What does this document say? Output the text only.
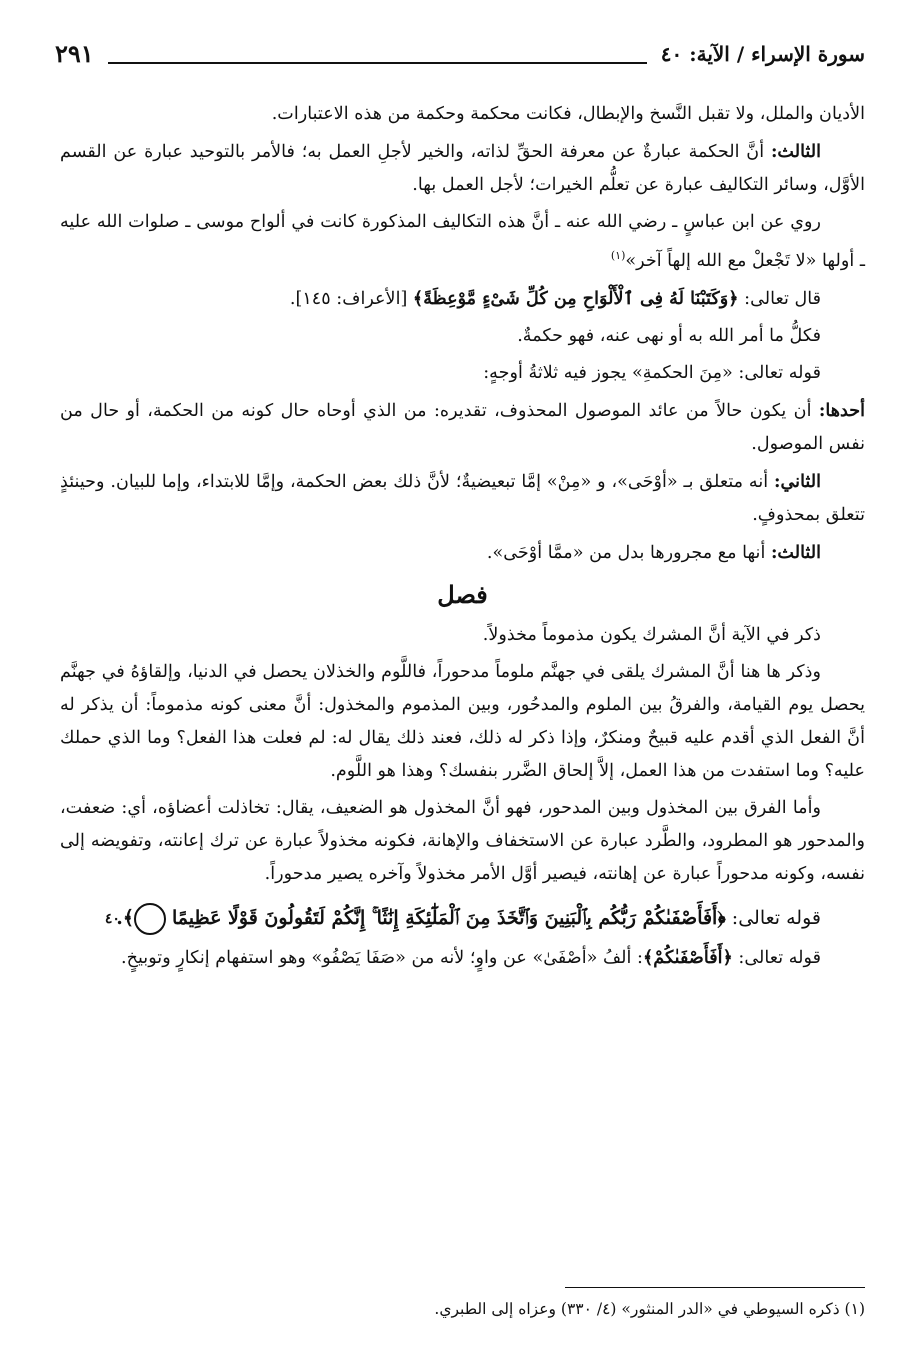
سورة الإسراء / الآية: ٤٠
٢٩١

الأديان والملل، ولا تقبل النَّسخ والإبطال، فكانت محكمة وحكمة من هذه الاعتبارات.

الثالث: أنَّ الحكمة عبارةٌ عن معرفة الحقِّ لذاته، والخير لأجلِ العمل به؛ فالأمر بالتوحيد عبارة عن القسم الأوَّل، وسائر التكاليف عبارة عن تعلُّم الخيرات؛ لأجل العمل بها.

روي عن ابن عباسٍ ـ رضي الله عنه ـ أنَّ هذه التكاليف المذكورة كانت في ألواح موسى ـ صلوات الله عليه ـ أولها «لا تَجْعلْ مع الله إلهاً آخر»$^{(١)}$

قال تعالى: ﴿وَكَتَبْنَا لَهُ فِى ٱلْأَلْوَاحِ مِن كُلِّ شَىْءٍ مَّوْعِظَةً﴾ [الأعراف: ١٤٥].

فكلُّ ما أمر الله به أو نهى عنه، فهو حكمةٌ.

قوله تعالى: «مِنَ الحكمةِ» يجوز فيه ثلاثةُ أوجهٍ:

أحدها: أن يكون حالاً من عائد الموصول المحذوف، تقديره: من الذي أوحاه حال كونه من الحكمة، أو حال من نفس الموصول.

الثاني: أنه متعلق بـ «أوْحَى»، و «مِنْ» إمَّا تبعيضيةٌ؛ لأنَّ ذلك بعض الحكمة، وإمَّا للابتداء، وإما للبيان. وحينئذٍ تتعلق بمحذوفٍ.

الثالث: أنها مع مجرورها بدل من «ممَّا أوْحَى».

فصل

ذكر في الآية أنَّ المشرك يكون مذموماً مخذولاً.

وذكر ها هنا أنَّ المشرك يلقى في جهنَّم ملوماً مدحوراً، فاللَّوم والخذلان يحصل في الدنيا، وإلقاؤهُ في جهنَّم يحصل يوم القيامة، والفرقُ بين الملوم والمدحُور، وبين المذموم والمخذول: أنَّ معنى كونه مذموماً: أن يذكر له أنَّ الفعل الذي أقدم عليه قبيحٌ ومنكرٌ، وإذا ذكر له ذلك، فعند ذلك يقال له: لم فعلت هذا الفعل؟ وما الذي حملك عليه؟ وما استفدت من هذا العمل، إلاَّ إلحاق الضَّرر بنفسك؟ وهذا هو اللَّوم.

وأما الفرق بين المخذول وبين المدحور، فهو أنَّ المخذول هو الضعيف، يقال: تخاذلت أعضاؤه، أي: ضعفت، والمدحور هو المطرود، والطَّرد عبارة عن الاستخفاف والإهانة، فكونه مخذولاً عبارة عن ترك إعانته، وتفويضه إلى نفسه، وكونه مدحوراً عبارة عن إهانته، فيصير أوَّل الأمر مخذولاً وآخره يصير مدحوراً.

قوله تعالى: ﴿أَفَأَصْفَىٰكُمْ رَبُّكُم بِٱلْبَنِينَ وَٱتَّخَذَ مِنَ ٱلْمَلَٰٓئِكَةِ إِنَٰثًا ۚ إِنَّكُمْ لَتَقُولُونَ قَوْلًا عَظِيمًا ٤٠﴾.

قوله تعالى: ﴿أَفَأَصْفَىٰكُمْ﴾: ألفُ «أصْفَىٰ» عن واوٍ؛ لأنه من «صَفَا يَصْفُو» وهو استفهام إنكارٍ وتوبيخٍ.

(١) ذكره السيوطي في «الدر المنثور» (٤/ ٣٣٠) وعزاه إلى الطبري.
